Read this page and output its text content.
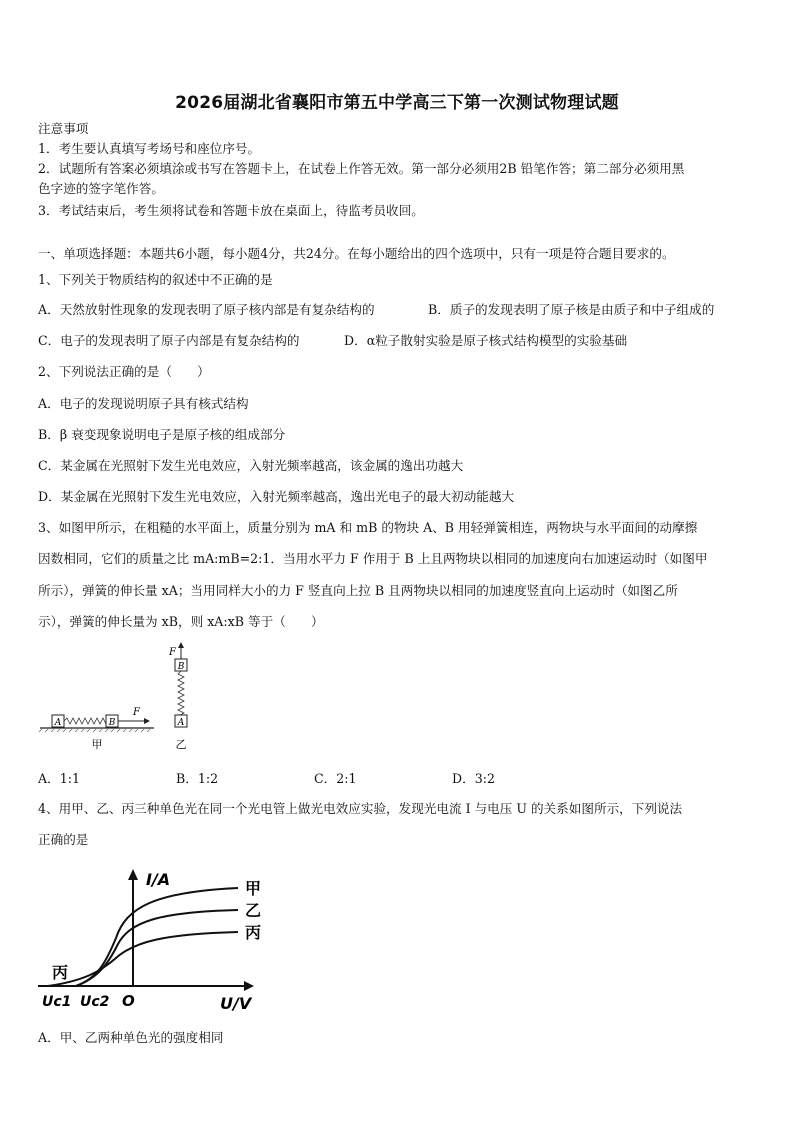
2026届湖北省襄阳市第五中学高三下第一次测试物理试题
注意事项
1．考生要认真填写考场号和座位序号。
2．试题所有答案必须填涂或书写在答题卡上，在试卷上作答无效。第一部分必须用2B 铅笔作答；第二部分必须用黑
色字迹的签字笔作答。
3．考试结束后，考生须将试卷和答题卡放在桌面上，待监考员收回。
一、单项选择题：本题共6小题，每小题4分，共24分。在每小题给出的四个选项中，只有一项是符合题目要求的。
1、下列关于物质结构的叙述中不正确的是
A．天然放射性现象的发现表明了原子核内部是有复杂结构的	B．质子的发现表明了原子核是由质子和中子组成的
C．电子的发现表明了原子内部是有复杂结构的	D．α粒子散射实验是原子核式结构模型的实验基础
2、下列说法正确的是（　　）
A．电子的发现说明原子具有核式结构
B．β 衰变现象说明电子是原子核的组成部分
C．某金属在光照射下发生光电效应，入射光频率越高，该金属的逸出功越大
D．某金属在光照射下发生光电效应，入射光频率越高，逸出光电子的最大初动能越大
3、如图甲所示，在粗糙的水平面上，质量分别为 mA 和 mB 的物块 A、B 用轻弹簧相连，两物块与水平面间的动摩擦
因数相同，它们的质量之比 mA:mB=2:1．当用水平力 F 作用于 B 上且两物块以相同的加速度向右加速运动时（如图甲
所示），弹簧的伸长量 xA；当用同样大小的力 F 竖直向上拉 B 且两物块以相同的加速度竖直向上运动时（如图乙所
示），弹簧的伸长量为 xB，则 xA:xB 等于（　　）
A	B
F
甲
F
B
A
乙
A．1:1	B．1:2	C．2:1	D．3:2
4、用甲、乙、丙三种单色光在同一个光电管上做光电效应实验，发现光电流 I 与电压 U 的关系如图所示，下列说法
正确的是
I/A
U/V
O
Uc1 Uc2
甲
乙
丙
丙
A．甲、乙两种单色光的强度相同
